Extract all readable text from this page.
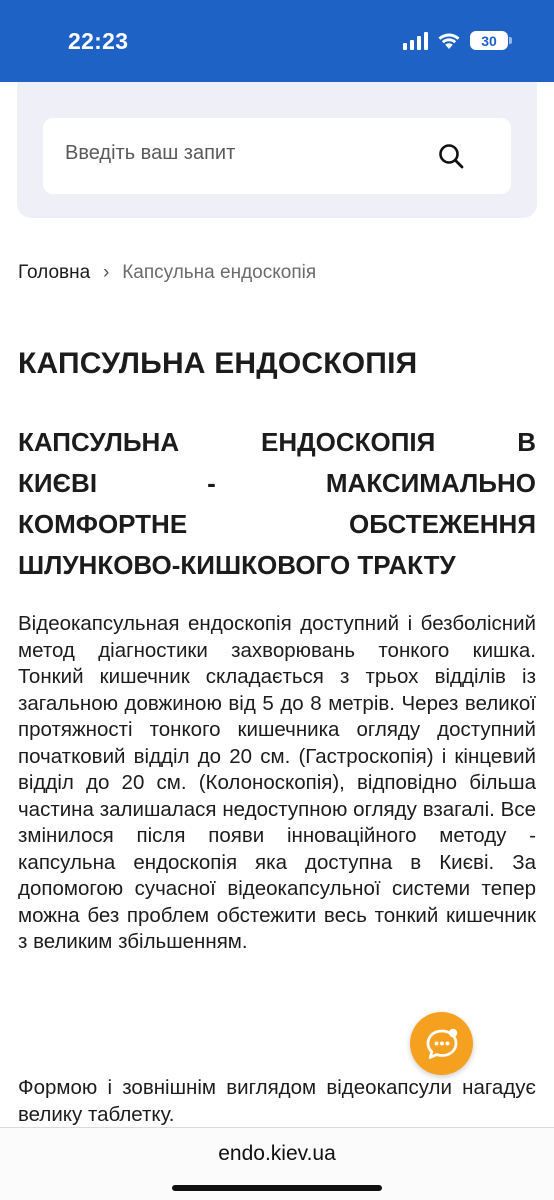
22:23	30
Введіть ваш запит
Головна › Капсульна ендоскопія
КАПСУЛЬНА ЕНДОСКОПІЯ
КАПСУЛЬНА ЕНДОСКОПІЯ В
КИЄВІ - МАКСИМАЛЬНО
КОМФОРТНЕ ОБСТЕЖЕННЯ
ШЛУНКОВО-КИШКОВОГО ТРАКТУ

Відеокапсульная ендоскопія доступний і безболісний метод діагностики захворювань тонкого кишка. Тонкий кишечник складається з трьох відділів із загальною довжиною від 5 до 8 метрів. Через великої протяжності тонкого кишечника огляду доступний початковий відділ до 20 см. (Гастроскопія) і кінцевий відділ до 20 см. (Колоноскопія), відповідно більша частина залишалася недоступною огляду взагалі. Все змінилося після появи інноваційного методу - капсульна ендоскопія яка доступна в Києві. За допомогою сучасної відеокапсульної системи тепер можна без проблем обстежити весь тонкий кишечник з великим збільшенням.

Формою і зовнішнім виглядом відеокапсули нагадує велику таблетку.

endo.kiev.ua
